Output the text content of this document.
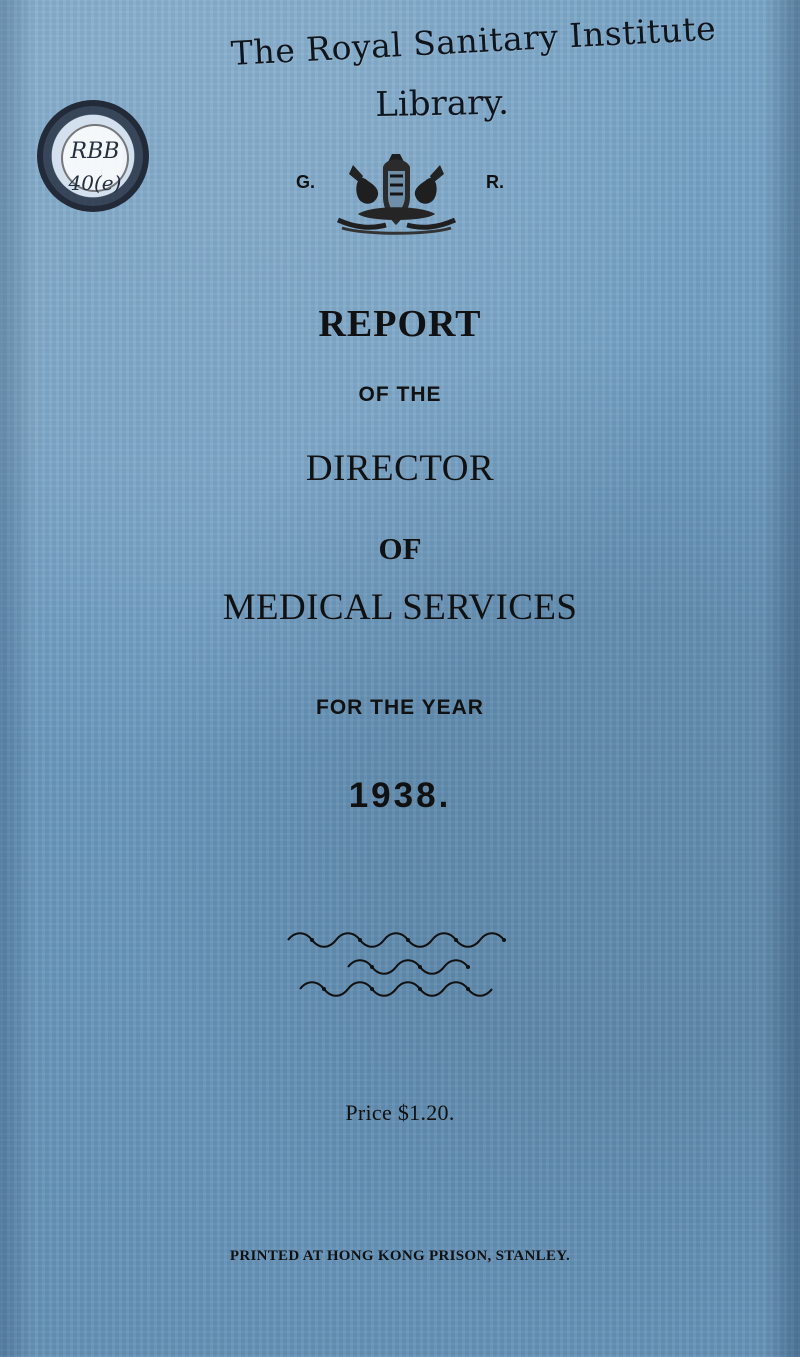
The Royal Sanitary Institute
Library.
RBB
40(e)	G.	R.
REPORT
OF THE
DIRECTOR
OF
MEDICAL SERVICES
FOR THE YEAR
1938.
Price $1.20.
PRINTED AT HONG KONG PRISON, STANLEY.
